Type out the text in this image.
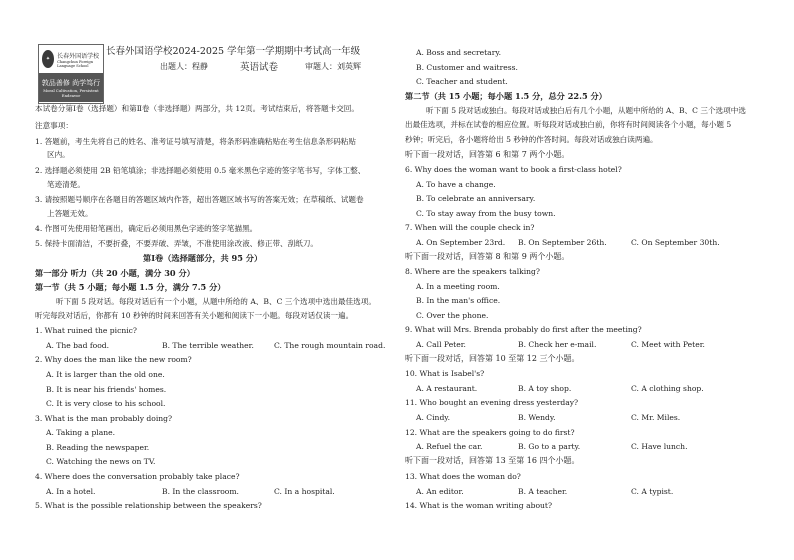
✦	长春外国语学校
Changchun Foreign Language School
敦品善修 尚学笃行
Moral Cultivation, Persistent Endeavor
长春外国语学校2024-2025 学年第一学期期中考试高一年级
出题人：程静	英语试卷	审题人：刘英辉
本试卷分第Ⅰ卷（选择题）和第Ⅱ卷（非选择题）两部分，共 12页。考试结束后，将答题卡交回。
注意事项：
1. 答题前，考生先将自己的姓名、准考证号填写清楚，将条形码准确粘贴在考生信息条形码粘贴
区内。
2. 选择题必须使用 2B 铅笔填涂；非选择题必须使用 0.5 毫米黑色字迹的签字笔书写，字体工整、
笔迹清楚。
3. 请按照题号顺序在各题目的答题区域内作答，超出答题区域书写的答案无效；在草稿纸、试题卷
上答题无效。
4. 作图可先使用铅笔画出，确定后必须用黑色字迹的签字笔描黑。
5. 保持卡面清洁，不要折叠，不要弄破、弄皱，不准使用涂改液、修正带、刮纸刀。
第Ⅰ卷（选择题部分，共 95 分）
第一部分 听力（共 20 小题，满分 30 分）
第一节（共 5 小题；每小题 1.5 分，满分 7.5 分）
听下面 5 段对话。每段对话后有一个小题，从题中所给的 A、B、C 三个选项中选出最佳选项。
听完每段对话后，你都有 10 秒钟的时间来回答有关小题和阅读下一小题。每段对话仅读一遍。
1. What ruined the picnic?
A. The bad food.	B. The terrible weather.	C. The rough mountain road.
2. Why does the man like the new room?
A. It is larger than the old one.
B. It is near his friends' homes.
C. It is very close to his school.
3. What is the man probably doing?
A. Taking a plane.
B. Reading the newspaper.
C. Watching the news on TV.
4. Where does the conversation probably take place?
A. In a hotel.	B. In the classroom.	C. In a hospital.
5. What is the possible relationship between the speakers?
A. Boss and secretary.
B. Customer and waitress.
C. Teacher and student.
第二节（共 15 小题；每小题 1.5 分，总分 22.5 分）
听下面 5 段对话或独白。每段对话或独白后有几个小题，从题中所给的 A、B、C 三个选项中选
出最佳选项，并标在试卷的相应位置。听每段对话或独白前，你将有时间阅读各个小题，每小题 5
秒钟；听完后，各小题将给出 5 秒钟的作答时间。每段对话或独白读两遍。
听下面一段对话，回答第 6 和第 7 两个小题。
6. Why does the woman want to book a first-class hotel?
A. To have a change.
B. To celebrate an anniversary.
C. To stay away from the busy town.
7. When will the couple check in?
A. On September 23rd. B. On September 26th.	C. On September 30th.
听下面一段对话，回答第 8 和第 9 两个小题。
8. Where are the speakers talking?
A. In a meeting room.
B. In the man's office.
C. Over the phone.
9. What will Mrs. Brenda probably do first after the meeting?
A. Call Peter.	B. Check her e-mail.	C. Meet with Peter.
听下面一段对话，回答第 10 至第 12 三个小题。
10. What is Isabel's?
A. A restaurant.	B. A toy shop.	C. A clothing shop.
11. Who bought an evening dress yesterday?
A. Cindy.	B. Wendy.	C. Mr. Miles.
12. What are the speakers going to do first?
A. Refuel the car.	B. Go to a party.	C. Have lunch.
听下面一段对话，回答第 13 至第 16 四个小题。
13. What does the woman do?
A. An editor.	B. A teacher.	C. A typist.
14. What is the woman writing about?
